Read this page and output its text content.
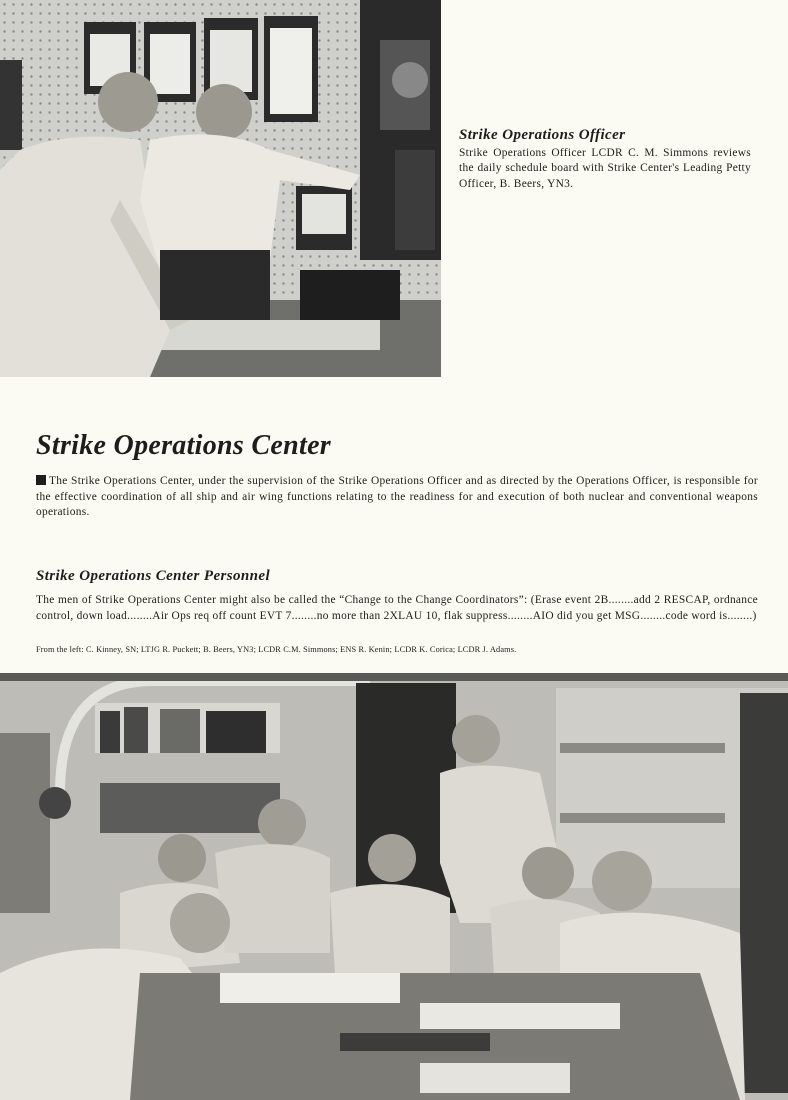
Strike Operations Officer

Strike Operations Officer LCDR C. M. Simmons reviews the daily schedule board with Strike Center's Leading Petty Officer, B. Beers, YN3.

Strike Operations Center

The Strike Operations Center, under the supervision of the Strike Operations Officer and as directed by the Operations Officer, is responsible for the effective coordination of all ship and air wing functions relating to the readiness for and execution of both nuclear and conventional weapons operations.

Strike Operations Center Personnel

The men of Strike Operations Center might also be called the “Change to the Change Coordinators”: (Erase event 2B........add 2 RESCAP, ordnance control, down load........Air Ops req off count EVT 7........no more than 2XLAU 10, flak suppress........AIO did you get MSG........code word is........)

From the left: C. Kinney, SN; LTJG R. Puckett; B. Beers, YN3; LCDR C.M. Simmons; ENS R. Kenin; LCDR K. Corica; LCDR J. Adams.
